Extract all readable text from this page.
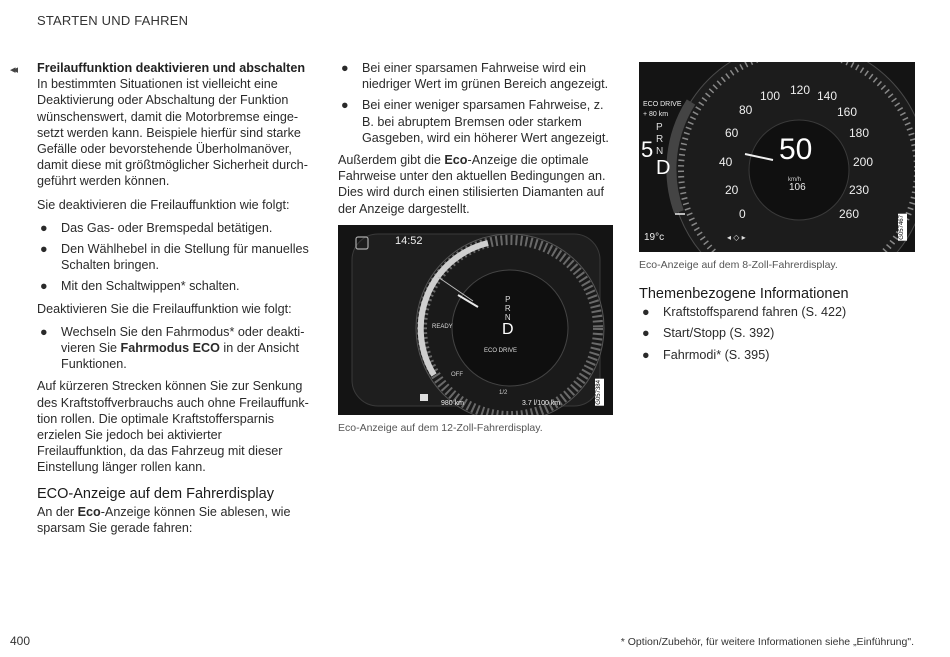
STARTEN UND FAHREN
◂◂ Freilauffunktion deaktivieren und abschalten

In bestimmten Situationen ist vielleicht eine Deaktivierung oder Abschaltung der Funktion wünschenswert, damit die Motorbremse eingesetzt werden kann. Beispiele hierfür sind starke Gefälle oder bevorstehende Überholmanöver, damit diese mit größtmöglicher Sicherheit durchgeführt werden können.

Sie deaktivieren die Freilauffunktion wie folgt:

● Das Gas- oder Bremspedal betätigen.
● Den Wählhebel in die Stellung für manuelles Schalten bringen.
● Mit den Schaltwippen* schalten.

Deaktivieren Sie die Freilauffunktion wie folgt:

● Wechseln Sie den Fahrmodus* oder deaktivieren Sie Fahrmodus ECO in der Ansicht Funktionen.

Auf kürzeren Strecken können Sie zur Senkung des Kraftstoffverbrauchs auch ohne Freilauffunktion rollen. Die optimale Kraftstoffersparnis erzielen Sie jedoch bei aktivierter Freilauffunktion, da das Fahrzeug mit dieser Einstellung länger rollen kann.

ECO-Anzeige auf dem Fahrerdisplay

An der Eco-Anzeige können Sie ablesen, wie sparsam Sie gerade fahren:

● Bei einer sparsamen Fahrweise wird ein niedriger Wert im grünen Bereich angezeigt.
● Bei einer weniger sparsamen Fahrweise, z. B. bei abruptem Bremsen oder starkem Gasgeben, wird ein höherer Wert angezeigt.

Außerdem gibt die Eco-Anzeige die optimale Fahrweise unter den aktuellen Bedingungen an. Dies wird durch einen stilisierten Diamanten auf der Anzeige dargestellt.

14:52
READY
OFF
P
R
N
D
ECO DRIVE
1/2
980 km	3.7 l/100 km	G057384
Eco-Anzeige auf dem 12-Zoll-Fahrerdisplay.
ECO DRIVE
+ 80 km
5
P
R
N
D
50
km/h
106
0
20
40
60
80
100 120 140
160
180
200
230
260
19°c	◂ ◇ ▸	G057467
Eco-Anzeige auf dem 8-Zoll-Fahrerdisplay.
Themenbezogene Informationen
● Kraftstoffsparend fahren (S. 422)
● Start/Stopp (S. 392)
● Fahrmodi* (S. 395)
400	* Option/Zubehör, für weitere Informationen siehe „Einführung".
